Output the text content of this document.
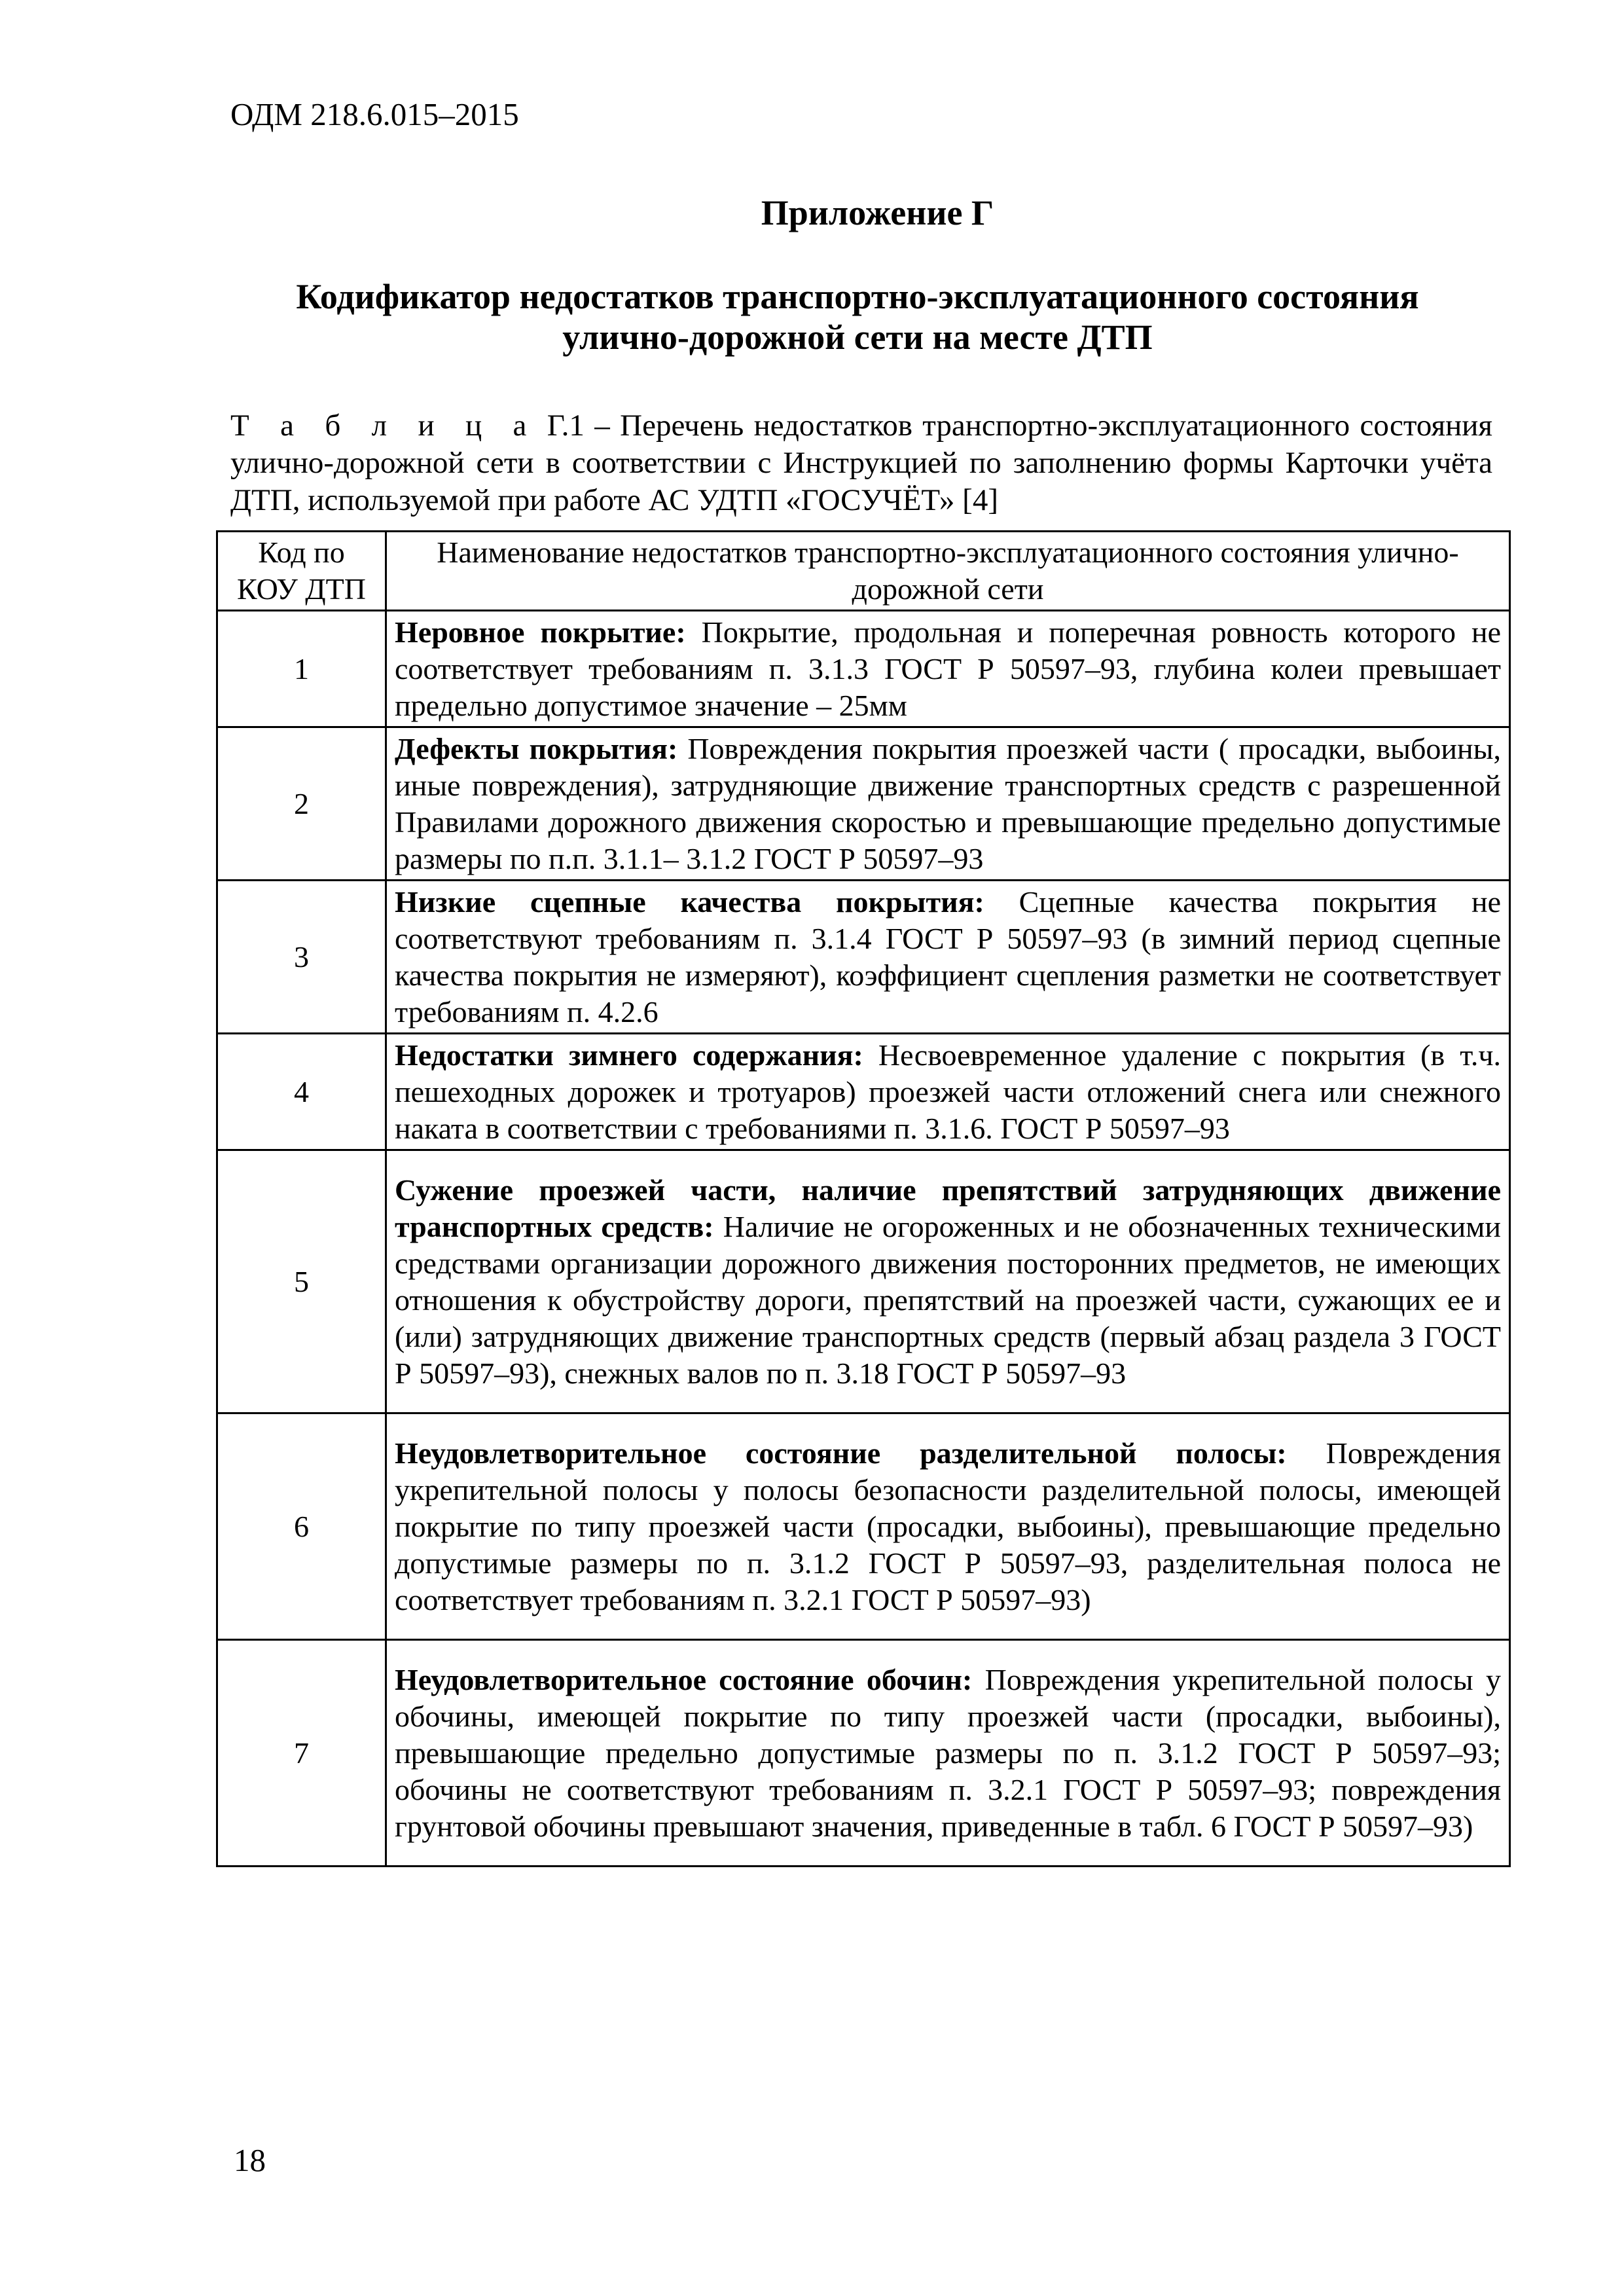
ОДМ 218.6.015–2015
Приложение Г
Кодификатор недостатков транспортно-эксплуатационного состояния
улично-дорожной сети на месте ДТП
Т а б л и ц а Г.1 – Перечень недостатков транспортно-эксплуатационного состояния улично-дорожной сети в соответствии с Инструкцией по заполнению формы Карточки учёта ДТП, используемой при работе АС УДТП «ГОСУЧЁТ» [4]
Код по КОУ ДТП	Наименование недостатков транспортно-эксплуатационного состояния улично-дорожной сети
1	Неровное покрытие: Покрытие, продольная и поперечная ровность которого не соответствует требованиям п. 3.1.3 ГОСТ Р 50597–93, глубина колеи превышает предельно допустимое значение – 25мм
2	Дефекты покрытия: Повреждения покрытия проезжей части ( просадки, выбоины, иные повреждения), затрудняющие движение транспортных средств с разрешенной Правилами дорожного движения скоростью и превышающие предельно допустимые размеры по п.п. 3.1.1– 3.1.2 ГОСТ Р 50597–93
3	Низкие сцепные качества покрытия: Сцепные качества покрытия не соответствуют требованиям п. 3.1.4 ГОСТ Р 50597–93 (в зимний период сцепные качества покрытия не измеряют), коэффициент сцепления разметки не соответствует требованиям п. 4.2.6
4	Недостатки зимнего содержания: Несвоевременное удаление с покрытия (в т.ч. пешеходных дорожек и тротуаров) проезжей части отложений снега или снежного наката в соответствии с требованиями п. 3.1.6. ГОСТ Р 50597–93
5	Сужение проезжей части, наличие препятствий затрудняющих движение транспортных средств: Наличие не огороженных и не обозначенных техническими средствами организации дорожного движения посторонних предметов, не имеющих отношения к обустройству дороги, препятствий на проезжей части, сужающих ее и (или) затрудняющих движение транспортных средств (первый абзац раздела 3 ГОСТ Р 50597–93), снежных валов по п. 3.18 ГОСТ Р 50597–93
6	Неудовлетворительное состояние разделительной полосы: Повреждения укрепительной полосы у полосы безопасности разделительной полосы, имеющей покрытие по типу проезжей части (просадки, выбоины), превышающие предельно допустимые размеры по п. 3.1.2 ГОСТ Р 50597–93, разделительная полоса не соответствует требованиям п. 3.2.1 ГОСТ Р 50597–93)
7	Неудовлетворительное состояние обочин: Повреждения укрепительной полосы у обочины, имеющей покрытие по типу проезжей части (просадки, выбоины), превышающие предельно допустимые размеры по п. 3.1.2 ГОСТ Р 50597–93; обочины не соответствуют требованиям п. 3.2.1 ГОСТ Р 50597–93; повреждения грунтовой обочины превышают значения, приведенные в табл. 6 ГОСТ Р 50597–93)
18
